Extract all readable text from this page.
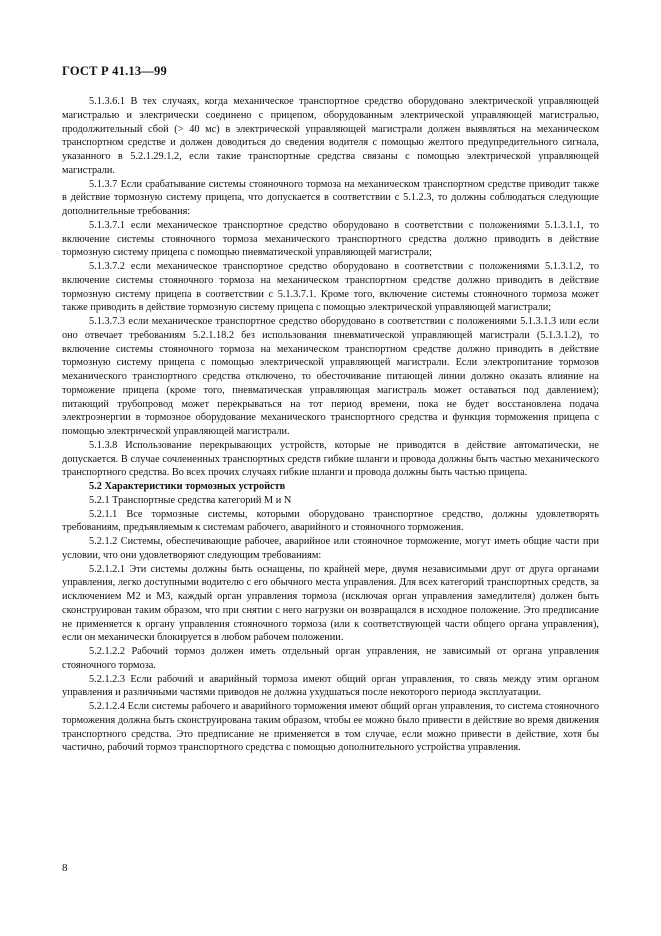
ГОСТ Р 41.13—99

5.1.3.6.1 В тех случаях, когда механическое транспортное средство оборудовано электрической управляющей магистралью и электрически соединено с прицепом, оборудованным электрической управляющей магистралью, продолжительный сбой (> 40 мс) в электрической управляющей магистрали должен выявляться на механическом транспортном средстве и должен доводиться до сведения водителя с помощью желтого предупредительного сигнала, указанного в 5.2.1.29.1.2, если такие транспортные средства связаны с помощью электрической управляющей магистрали.

5.1.3.7 Если срабатывание системы стояночного тормоза на механическом транспортном средстве приводит также в действие тормозную систему прицепа, что допускается в соответствии с 5.1.2.3, то должны соблюдаться следующие дополнительные требования:

5.1.3.7.1 если механическое транспортное средство оборудовано в соответствии с положениями 5.1.3.1.1, то включение системы стояночного тормоза механического транспортного средства должно приводить в действие тормозную систему прицепа с помощью пневматической управляющей магистрали;

5.1.3.7.2 если механическое транспортное средство оборудовано в соответствии с положениями 5.1.3.1.2, то включение системы стояночного тормоза на механическом транспортном средстве должно приводить в действие тормозную систему прицепа в соответствии с 5.1.3.7.1. Кроме того, включение системы стояночного тормоза может также приводить в действие тормозную систему прицепа с помощью электрической управляющей магистрали;

5.1.3.7.3 если механическое транспортное средство оборудовано в соответствии с положениями 5.1.3.1.3 или если оно отвечает требованиям 5.2.1.18.2 без использования пневматической управляющей магистрали (5.1.3.1.2), то включение системы стояночного тормоза на механическом транспортном средстве должно приводить в действие тормозную систему прицепа с помощью электрической управляющей магистрали. Если электропитание тормозов механического транспортного средства отключено, то обесточивание питающей линии должно оказать влияние на торможение прицепа (кроме того, пневматическая управляющая магистраль может оставаться под давлением); питающий трубопровод может перекрываться на тот период времени, пока не будет восстановлена подача электроэнергии в тормозное оборудование механического транспортного средства и функция торможения прицепа с помощью электрической управляющей магистрали.

5.1.3.8 Использование перекрывающих устройств, которые не приводятся в действие автоматически, не допускается. В случае сочлененных транспортных средств гибкие шланги и провода должны быть частью механического транспортного средства. Во всех прочих случаях гибкие шланги и провода должны быть частью прицепа.

5.2 Характеристики тормозных устройств

5.2.1 Транспортные средства категорий М и N

5.2.1.1 Все тормозные системы, которыми оборудовано транспортное средство, должны удовлетворять требованиям, предъявляемым к системам рабочего, аварийного и стояночного торможения.

5.2.1.2 Системы, обеспечивающие рабочее, аварийное или стояночное торможение, могут иметь общие части при условии, что они удовлетворяют следующим требованиям:

5.2.1.2.1 Эти системы должны быть оснащены, по крайней мере, двумя независимыми друг от друга органами управления, легко доступными водителю с его обычного места управления. Для всех категорий транспортных средств, за исключением М2 и М3, каждый орган управления тормоза (исключая орган управления замедлителя) должен быть сконструирован таким образом, что при снятии с него нагрузки он возвращался в исходное положение. Это предписание не применяется к органу управления стояночного тормоза (или к соответствующей части общего органа управления), если он механически блокируется в любом рабочем положении.

5.2.1.2.2 Рабочий тормоз должен иметь отдельный орган управления, не зависимый от органа управления стояночного тормоза.

5.2.1.2.3 Если рабочий и аварийный тормоза имеют общий орган управления, то связь между этим органом управления и различными частями приводов не должна ухудшаться после некоторого периода эксплуатации.

5.2.1.2.4 Если системы рабочего и аварийного торможения имеют общий орган управления, то система стояночного торможения должна быть сконструирована таким образом, чтобы ее можно было привести в действие во время движения транспортного средства. Это предписание не применяется в том случае, если можно привести в действие, хотя бы частично, рабочий тормоз транспортного средства с помощью дополнительного устройства управления.

8
